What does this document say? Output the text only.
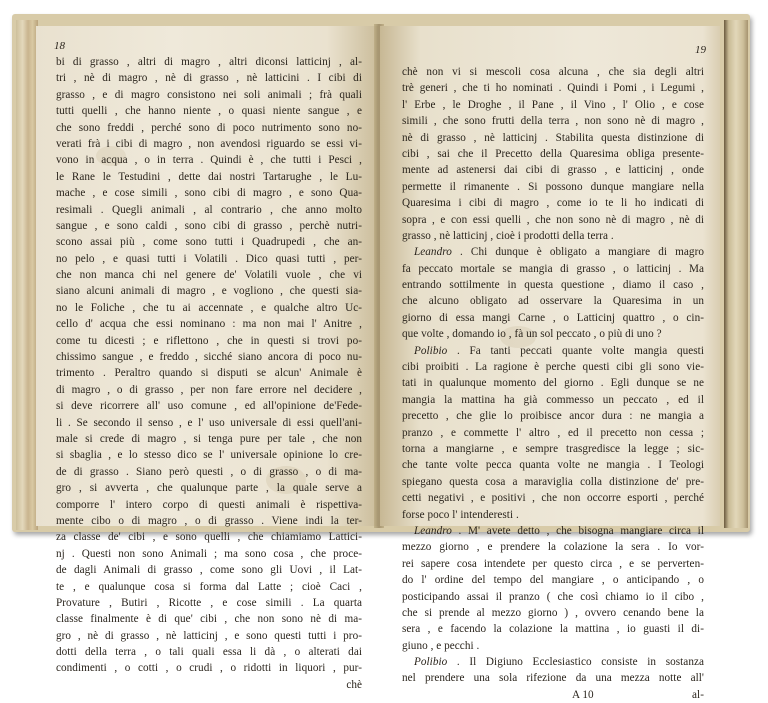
18
bi di grasso , altri di magro , altri diconsi latticinj , al-
tri , nè di magro , nè di grasso , nè latticini . I cibi di
grasso , e di magro consistono nei soli animali ; frà quali
tutti quelli , che hanno niente , o quasi niente sangue , e
che sono freddi , perché sono di poco nutrimento sono no-
verati frà i cibi di magro , non avendosi riguardo se essi vi-
vono in acqua , o in terra . Quindi è , che tutti i Pesci ,
le Rane le Testudini , dette dai nostri Tartarughe , le Lu-
mache , e cose simili , sono cibi di magro , e sono Qua-
resimali . Quegli animali , al contrario , che anno molto
sangue , e sono caldi , sono cibi di grasso , perchè nutri-
scono assai più , come sono tutti i Quadrupedi , che an-
no pelo , e quasi tutti i Volatili . Dico quasi tutti , per-
che non manca chi nel genere de' Volatili vuole , che vi
siano alcuni animali di magro , e vogliono , che questi sia-
no le Foliche , che tu ai accennate , e qualche altro Uc-
cello d' acqua che essi nominano : ma non mai l' Anitre ,
come tu dicesti ; e riflettono , che in questi si trovi po-
chissimo sangue , e freddo , sicché siano ancora di poco nu-
trimento . Peraltro quando si disputi se alcun' Animale è
di magro , o di grasso , per non fare errore nel decidere ,
si deve ricorrere all' uso comune , ed all'opinione de'Fede-
li . Se secondo il senso , e l' uso universale di essi quell'ani-
male si crede di magro , si tenga pure per tale , che non
si sbaglia , e lo stesso dico se l' universale opinione lo cre-
de di grasso . Siano però questi , o di grasso , o di ma-
gro , si avverta , che qualunque parte , la quale serve a
comporre l' intero corpo di questi animali è rispettiva-
mente cibo o di magro , o di grasso . Viene indi la ter-
za classe de' cibi , e sono quelli , che chiamiamo Lattici-
nj . Questi non sono Animali ; ma sono cosa , che proce-
de dagli Animali di grasso , come sono gli Uovi , il Lat-
te , e qualunque cosa si forma dal Latte ; cioè Caci ,
Provature , Butiri , Ricotte , e cose simili . La quarta
classe finalmente è di que' cibi , che non sono nè di ma-
gro , nè di grasso , nè latticinj , e sono questi tutti i pro-
dotti della terra , o tali quali essa li dà , o alterati dai
condimenti , o cotti , o crudi , o ridotti in liquori , pur-
chè
19
chè non vi si mescoli cosa alcuna , che sia degli altri
trè generi , che ti ho nominati . Quindi i Pomi , i Legumi ,
l' Erbe , le Droghe , il Pane , il Vino , l' Olio , e cose
simili , che sono frutti della terra , non sono nè di magro ,
nè di grasso , nè latticinj . Stabilita questa distinzione di
cibi , sai che il Precetto della Quaresima obliga presente-
mente ad astenersi dai cibi di grasso , e latticinj , onde
permette il rimanente . Si possono dunque mangiare nella
Quaresima i cibi di magro , come io te li ho indicati di
sopra , e con essi quelli , che non sono nè di magro , nè di
grasso , nè latticinj , cioè i prodotti della terra .
Leandro . Chi dunque è obligato a mangiare di magro
fa peccato mortale se mangia di grasso , o latticinj . Ma
entrando sottilmente in questa questione , diamo il caso ,
che alcuno obligato ad osservare la Quaresima in un
giorno di essa mangi Carne , o Latticinj quattro , o cin-
que volte , domando io , fà un sol peccato , o più di uno ?
Polibio . Fa tanti peccati quante volte mangia questi
cibi proibiti . La ragione è perche questi cibi gli sono vie-
tati in qualunque momento del giorno . Egli dunque se ne
mangia la mattina ha già commesso un peccato , ed il
precetto , che glie lo proibisce ancor dura : ne mangia a
pranzo , e commette l' altro , ed il precetto non cessa ;
torna a mangiarne , e sempre trasgredisce la legge ; sic-
che tante volte pecca quanta volte ne mangia . I Teologi
spiegano questa cosa a maraviglia colla distinzione de' pre-
cetti negativi , e positivi , che non occorre esporti , perché
forse poco l' intenderesti .
Leandro . M' avete detto , che bisogna mangiare circa il
mezzo giorno , e prendere la colazione la sera . Io vor-
rei sapere cosa intendete per questo circa , e se perverten-
do l' ordine del tempo del mangiare , o anticipando , o
posticipando assai il pranzo ( che così chiamo io il cibo ,
che si prende al mezzo giorno ) , ovvero cenando bene la
sera , e facendo la colazione la mattina , io guasti il di-
giuno , e pecchi .
Polibio . Il Digiuno Ecclesiastico consiste in sostanza
nel prendere una sola rifezione da una mezza notte all'
A 10	al-
